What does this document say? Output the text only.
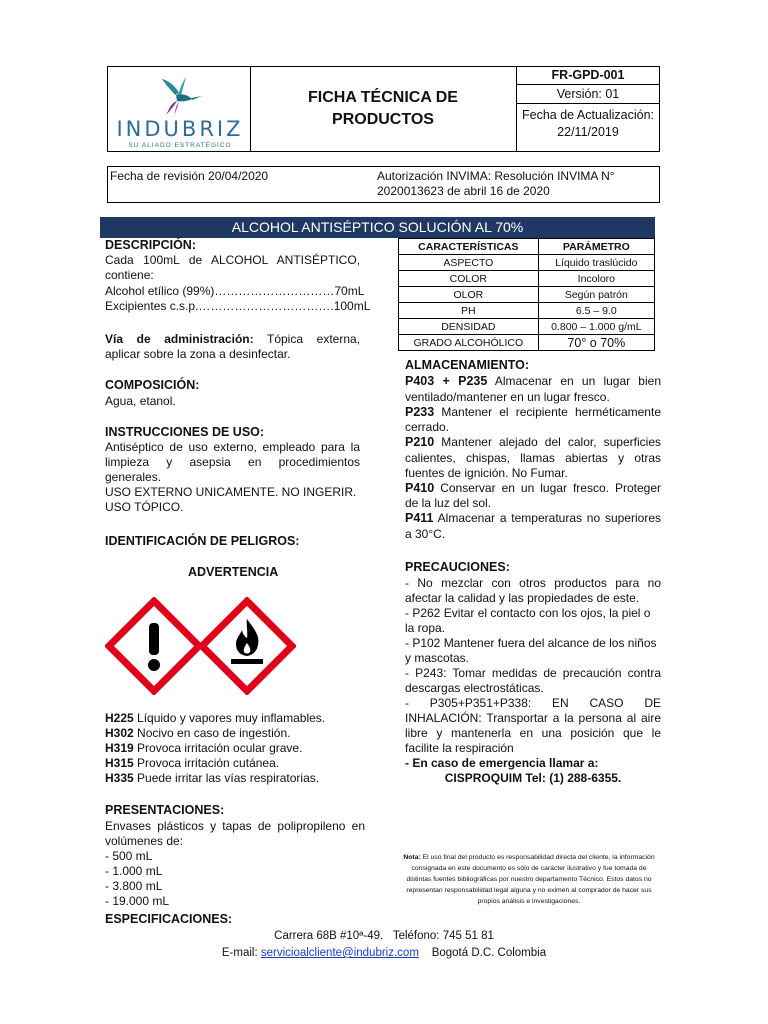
INDUBRIZ
SU ALIADO ESTRATÉGICO
FICHA TÉCNICA DE
PRODUCTOS
FR-GPD-001
Versión: 01
Fecha de Actualización:
22/11/2019
Fecha de revisión 20/04/2020	Autorización INVIMA: Resolución INVIMA N°
2020013623 de abril 16 de 2020
ALCOHOL ANTISÉPTICO SOLUCIÓN AL 70%
DESCRIPCIÓN:
Cada 100mL de ALCOHOL ANTISÉPTICO,
contiene:
Alcohol etílico (99%)…………………………70mL
Excipientes c.s.p.…………………………….100mL
Vía de administración: Tópica externa,
aplicar sobre la zona a desinfectar.
COMPOSICIÓN:
Agua, etanol.
INSTRUCCIONES DE USO:
Antiséptico de uso externo, empleado para la
limpieza y asepsia en procedimientos
generales.
USO EXTERNO UNICAMENTE. NO INGERIR.
USO TÓPICO.
IDENTIFICACIÓN DE PELIGROS:
ADVERTENCIA
H225 Líquido y vapores muy inflamables.
H302 Nocivo en caso de ingestión.
H319 Provoca irritación ocular grave.
H315 Provoca irritación cutánea.
H335 Puede irritar las vías respiratorias.
PRESENTACIONES:
Envases plásticos y tapas de polipropileno en
volúmenes de:
- 500 mL
- 1.000 mL
- 3.800 mL
- 19.000 mL
ESPECIFICACIONES:
CARACTERÍSTICAS	PARÁMETRO
ASPECTO	Líquido traslúcido
COLOR	Incoloro
OLOR	Según patrón
PH	6.5 – 9.0
DENSIDAD	0.800 – 1.000 g/mL
GRADO ALCOHÓLICO	70° o 70%
ALMACENAMIENTO:
P403 + P235 Almacenar en un lugar bien ventilado/mantener en un lugar fresco.
P233 Mantener el recipiente herméticamente cerrado.
P210 Mantener alejado del calor, superficies calientes, chispas, llamas abiertas y otras fuentes de ignición. No Fumar.
P410 Conservar en un lugar fresco. Proteger de la luz del sol.
P411 Almacenar a temperaturas no superiores a 30°C.
PRECAUCIONES:
- No mezclar con otros productos para no afectar la calidad y las propiedades de este.
- P262 Evitar el contacto con los ojos, la piel o
la ropa.
- P102 Mantener fuera del alcance de los niños
y mascotas.
- P243: Tomar medidas de precaución contra descargas electrostáticas.
- P305+P351+P338: EN CASO DE INHALACIÓN: Transportar a la persona al aire libre y mantenerla en una posición que le facilite la respiración
- En caso de emergencia llamar a:
CISPROQUIM Tel: (1) 288-6355.
Nota: El uso final del producto es responsabilidad directa del cliente, la información consignada en este documento es sólo de carácter ilustrativo y fue tomada de distintas fuentes bibliográficas por nuestro departamento Técnico. Estos datos no representan responsabilidad legal alguna y no eximen al comprador de hacer sus propios análisis e investigaciones.
Carrera 68B #10ª-49. Teléfono: 745 51 81
E-mail: servicioalcliente@indubriz.com Bogotá D.C. Colombia
